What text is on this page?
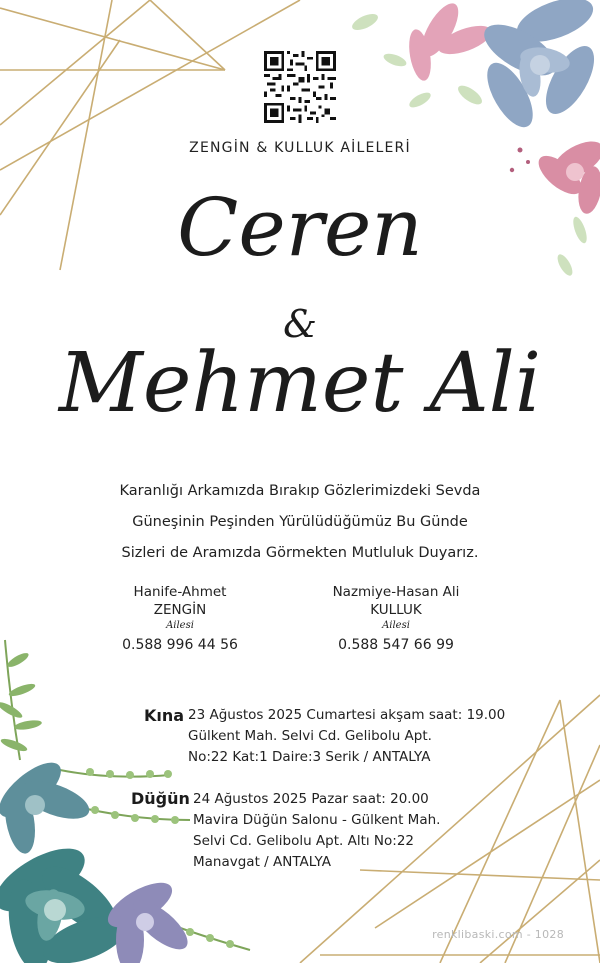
ZENGİN & KULLUK AİLELERİ
Ceren
&
Mehmet Ali
Karanlığı Arkamızda Bırakıp Gözlerimizdeki Sevda
Güneşinin Peşinden Yürülüdüğümüz Bu Günde
Sizleri de Aramızda Görmekten Mutluluk Duyarız.
Hanife-Ahmet
ZENGİN
Ailesi
0.588 996 44 56
Nazmiye-Hasan Ali
KULLUK
Ailesi
0.588 547 66 99
Kına 23 Ağustos 2025 Cumartesi akşam saat: 19.00
Gülkent Mah. Selvi Cd. Gelibolu Apt.
No:22 Kat:1 Daire:3 Serik / ANTALYA
Düğün 24 Ağustos 2025 Pazar saat: 20.00
Mavira Düğün Salonu - Gülkent Mah.
Selvi Cd. Gelibolu Apt. Altı No:22
Manavgat / ANTALYA
renklibaski.com - 1028
